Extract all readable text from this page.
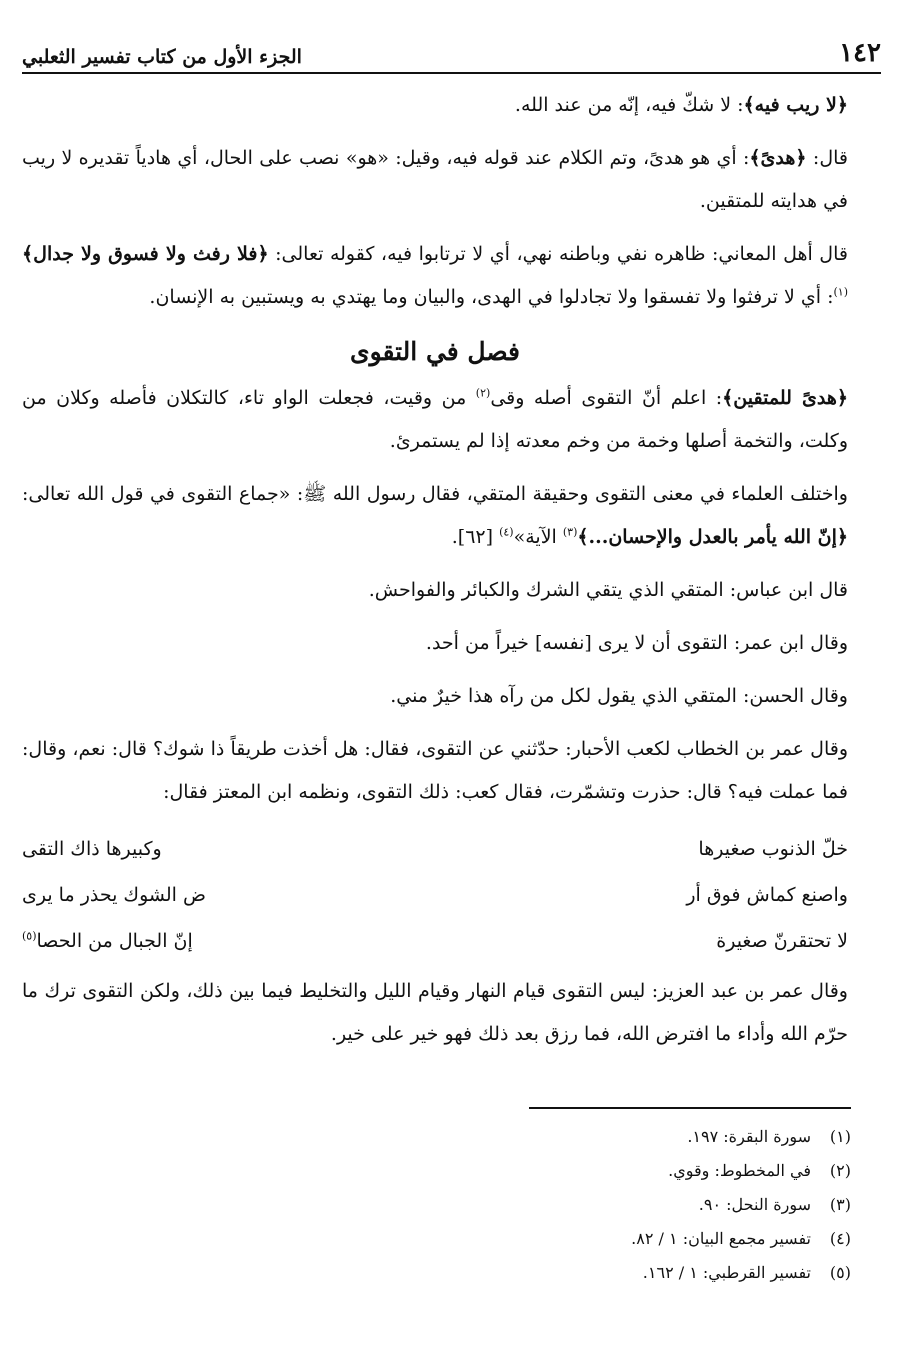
١٤٢
الجزء الأول من كتاب تفسير الثعلبي

﴿لا ريب فيه﴾: لا شكّ فيه، إنّه من عند الله.

قال: ﴿هدىً﴾: أي هو هدىً، وتم الكلام عند قوله فيه، وقيل: «هو» نصب على الحال، أي هادياً تقديره لا ريب في هدايته للمتقين.

قال أهل المعاني: ظاهره نفي وباطنه نهي، أي لا ترتابوا فيه، كقوله تعالى: ﴿فلا رفث ولا فسوق ولا جدال﴾$^{(١)}$: أي لا ترفثوا ولا تفسقوا ولا تجادلوا في الهدى، والبيان وما يهتدي به ويستبين به الإنسان.

فصل في التقوى

﴿هدىً للمتقين﴾: اعلم أنّ التقوى أصله وقى$^{(٢)}$ من وقيت، فجعلت الواو تاء، كالتكلان فأصله وكلان من وكلت، والتخمة أصلها وخمة من وخم معدته إذا لم يستمرئ.

واختلف العلماء في معنى التقوى وحقيقة المتقي، فقال رسول الله ﷺ: «جماع التقوى في قول الله تعالى: ﴿إنّ الله يأمر بالعدل والإحسان...﴾$^{(٣)}$ الآية»$^{(٤)}$ [٦٢].

قال ابن عباس: المتقي الذي يتقي الشرك والكبائر والفواحش.

وقال ابن عمر: التقوى أن لا يرى [نفسه] خيراً من أحد.

وقال الحسن: المتقي الذي يقول لكل من رآه هذا خيرٌ مني.

وقال عمر بن الخطاب لكعب الأحبار: حدّثني عن التقوى، فقال: هل أخذت طريقاً ذا شوك؟ قال: نعم، وقال: فما عملت فيه؟ قال: حذرت وتشمّرت، فقال كعب: ذلك التقوى، ونظمه ابن المعتز فقال:

خلّ الذنوب صغيرها
وكبيرها ذاك التقى
واصنع كماش فوق أر
ض الشوك يحذر ما يرى
لا تحتقرنّ صغيرة
إنّ الجبال من الحصا$^{(٥)}$

وقال عمر بن عبد العزيز: ليس التقوى قيام النهار وقيام الليل والتخليط فيما بين ذلك، ولكن التقوى ترك ما حرّم الله وأداء ما افترض الله، فما رزق بعد ذلك فهو خير على خير.

(١)سورة البقرة: ١٩٧.
(٢)في المخطوط: وقوي.
(٣)سورة النحل: ٩٠.
(٤)تفسير مجمع البيان: ١ / ٨٢.
(٥)تفسير القرطبي: ١ / ١٦٢.
